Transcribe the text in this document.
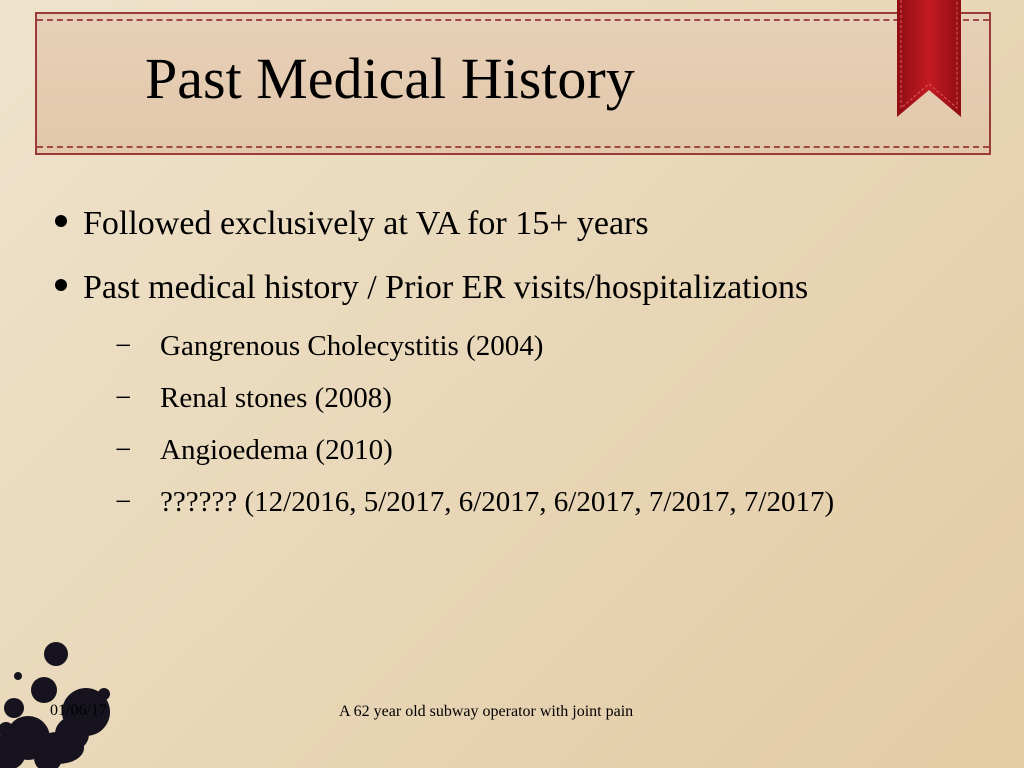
Past Medical History
Followed exclusively at VA for 15+ years
Past medical history / Prior ER visits/hospitalizations
− Gangrenous Cholecystitis (2004)
− Renal stones (2008)
− Angioedema (2010)
− ?????? (12/2016, 5/2017, 6/2017, 6/2017, 7/2017, 7/2017)
01/06/17	A 62 year old subway operator with joint pain
